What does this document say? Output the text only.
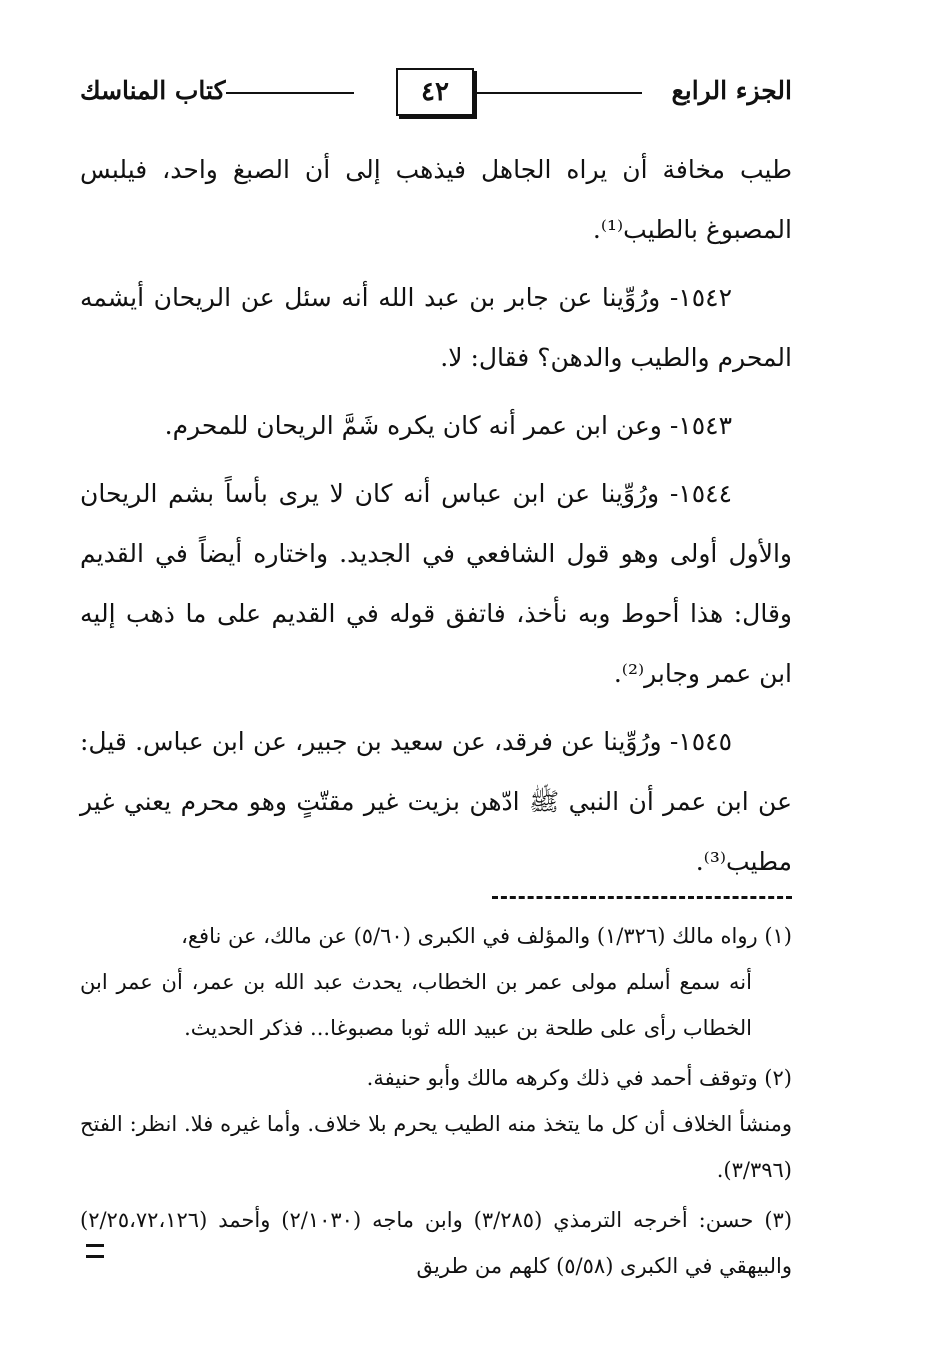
الجزء الرابع
٤٢
كتاب المناسك

طيب مخافة أن يراه الجاهل فيذهب إلى أن الصبغ واحد، فيلبس المصبوغ بالطيب⁽¹⁾.

١٥٤٢- ورُوِّينا عن جابر بن عبد الله أنه سئل عن الريحان أيشمه المحرم والطيب والدهن؟ فقال: لا.

١٥٤٣- وعن ابن عمر أنه كان يكره شَمَّ الريحان للمحرم.

١٥٤٤- ورُوِّينا عن ابن عباس أنه كان لا يرى بأساً بشم الريحان والأول أولى وهو قول الشافعي في الجديد. واختاره أيضاً في القديم وقال: هذا أحوط وبه نأخذ، فاتفق قوله في القديم على ما ذهب إليه ابن عمر وجابر⁽²⁾.

١٥٤٥- ورُوِّينا عن فرقد، عن سعيد بن جبير، عن ابن عباس. قيل: عن ابن عمر أن النبي ﷺ ادّهن بزيت غير مقتّتٍ وهو محرم يعني غير مطيب⁽³⁾.

(١) رواه مالك (١/٣٢٦) والمؤلف في الكبرى (٥/٦٠) عن مالك، عن نافع،

أنه سمع أسلم مولى عمر بن الخطاب، يحدث عبد الله بن عمر، أن عمر ابن الخطاب رأى على طلحة بن عبيد الله ثوبا مصبوغا... فذكر الحديث.

(٢) وتوقف أحمد في ذلك وكرهه مالك وأبو حنيفة.

ومنشأ الخلاف أن كل ما يتخذ منه الطيب يحرم بلا خلاف. وأما غيره فلا. انظر: الفتح (٣/٣٩٦).

(٣) حسن: أخرجه الترمذي (٣/٢٨٥) وابن ماجه (٢/١٠٣٠) وأحمد (٢/٢٥،٧٢،١٢٦) والبيهقي في الكبرى (٥/٥٨) كلهم من طريق
